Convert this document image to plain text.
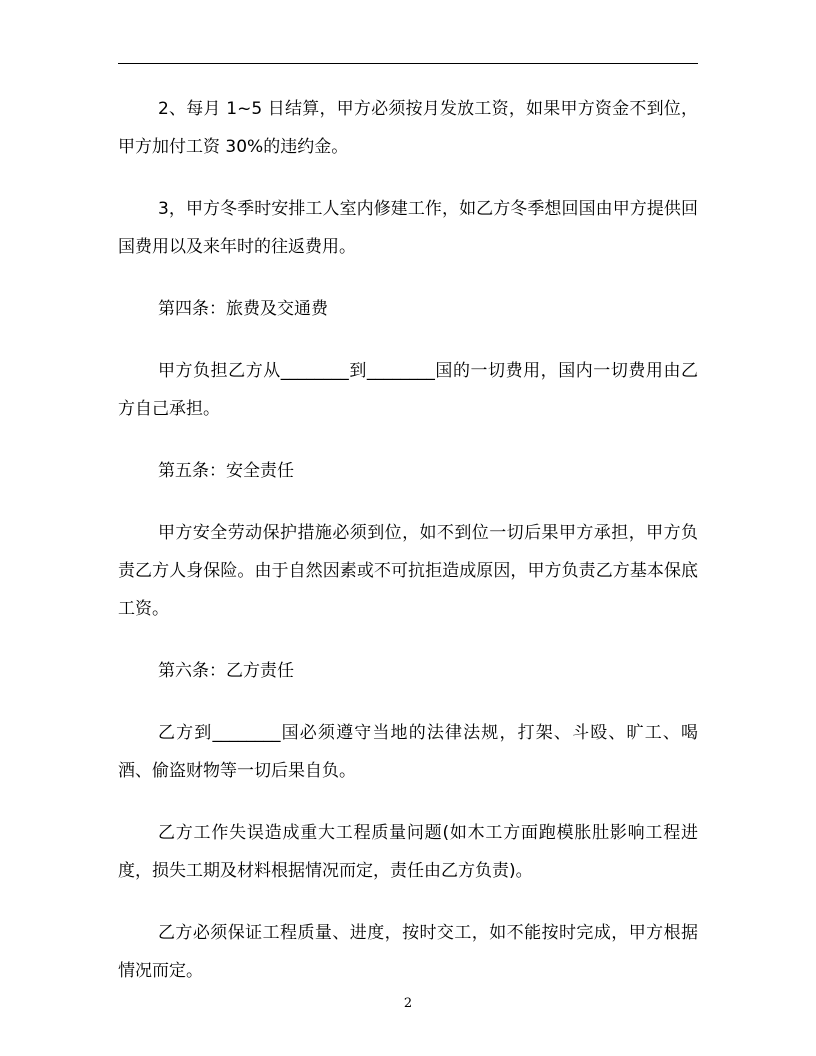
2、每月 1~5 日结算，甲方必须按月发放工资，如果甲方资金不到位，甲方加付工资 30%的违约金。

3，甲方冬季时安排工人室内修建工作，如乙方冬季想回国由甲方提供回国费用以及来年时的往返费用。

第四条：旅费及交通费

甲方负担乙方从________到________国的一切费用，国内一切费用由乙方自己承担。

第五条：安全责任

甲方安全劳动保护措施必须到位，如不到位一切后果甲方承担，甲方负责乙方人身保险。由于自然因素或不可抗拒造成原因，甲方负责乙方基本保底工资。

第六条：乙方责任

乙方到________国必须遵守当地的法律法规，打架、斗殴、旷工、喝酒、偷盗财物等一切后果自负。

乙方工作失误造成重大工程质量问题(如木工方面跑模胀肚影响工程进度，损失工期及材料根据情况而定，责任由乙方负责)。

乙方必须保证工程质量、进度，按时交工，如不能按时完成，甲方根据情况而定。

2
